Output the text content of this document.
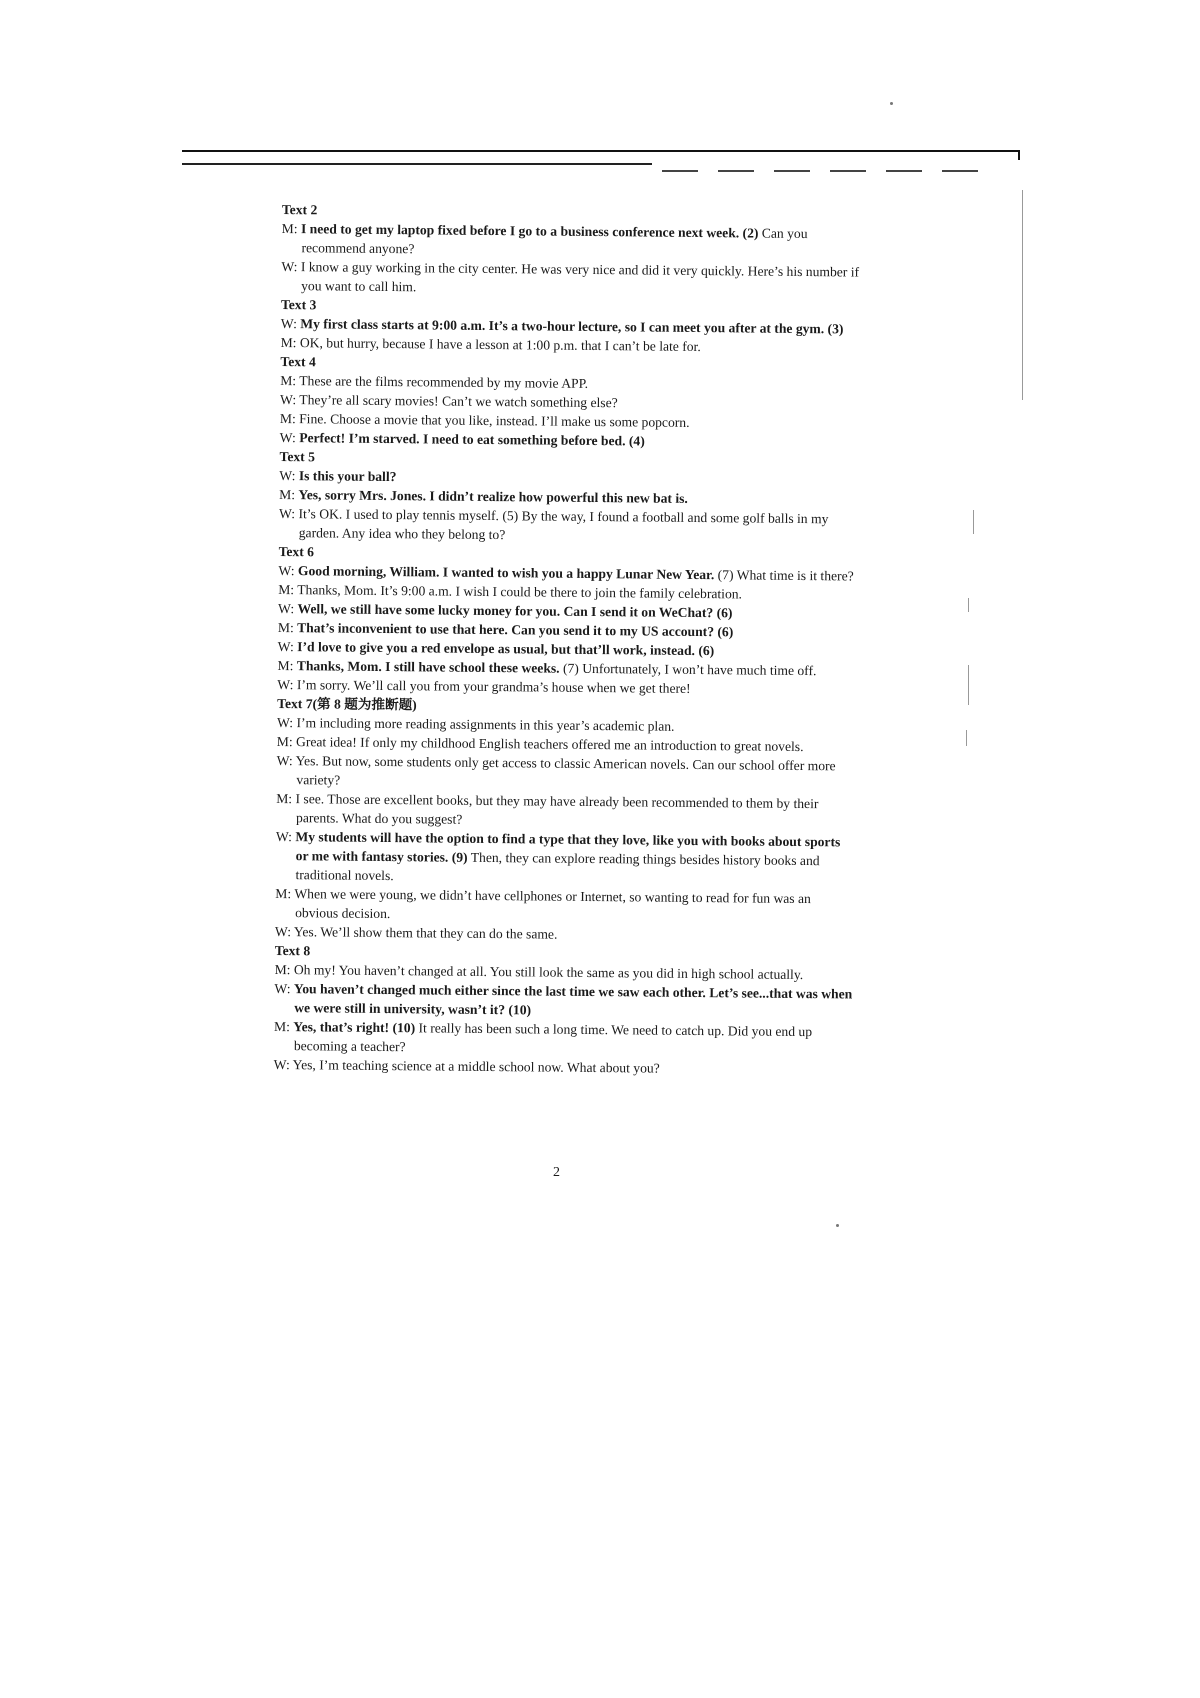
Text 2

M: I need to get my laptop fixed before I go to a business conference next week. (2) Can you recommend anyone?

W: I know a guy working in the city center. He was very nice and did it very quickly. Here’s his number if you want to call him.

Text 3

W: My first class starts at 9:00 a.m. It’s a two-hour lecture, so I can meet you after at the gym. (3)

M: OK, but hurry, because I have a lesson at 1:00 p.m. that I can’t be late for.

Text 4

M: These are the films recommended by my movie APP.

W: They’re all scary movies! Can’t we watch something else?

M: Fine. Choose a movie that you like, instead. I’ll make us some popcorn.

W: Perfect! I’m starved. I need to eat something before bed. (4)

Text 5

W: Is this your ball?

M: Yes, sorry Mrs. Jones. I didn’t realize how powerful this new bat is.

W: It’s OK. I used to play tennis myself. (5) By the way, I found a football and some golf balls in my garden. Any idea who they belong to?

Text 6

W: Good morning, William. I wanted to wish you a happy Lunar New Year. (7) What time is it there?

M: Thanks, Mom. It’s 9:00 a.m. I wish I could be there to join the family celebration.

W: Well, we still have some lucky money for you. Can I send it on WeChat? (6)

M: That’s inconvenient to use that here. Can you send it to my US account? (6)

W: I’d love to give you a red envelope as usual, but that’ll work, instead. (6)

M: Thanks, Mom. I still have school these weeks. (7) Unfortunately, I won’t have much time off.

W: I’m sorry. We’ll call you from your grandma’s house when we get there!

Text 7(第 8 题为推断题)

W: I’m including more reading assignments in this year’s academic plan.

M: Great idea! If only my childhood English teachers offered me an introduction to great novels.

W: Yes. But now, some students only get access to classic American novels. Can our school offer more variety?

M: I see. Those are excellent books, but they may have already been recommended to them by their parents. What do you suggest?

W: My students will have the option to find a type that they love, like you with books about sports or me with fantasy stories. (9) Then, they can explore reading things besides history books and traditional novels.

M: When we were young, we didn’t have cellphones or Internet, so wanting to read for fun was an obvious decision.

W: Yes. We’ll show them that they can do the same.

Text 8

M: Oh my! You haven’t changed at all. You still look the same as you did in high school actually.

W: You haven’t changed much either since the last time we saw each other. Let’s see...that was when we were still in university, wasn’t it? (10)

M: Yes, that’s right! (10) It really has been such a long time. We need to catch up. Did you end up becoming a teacher?

W: Yes, I’m teaching science at a middle school now. What about you?

2
